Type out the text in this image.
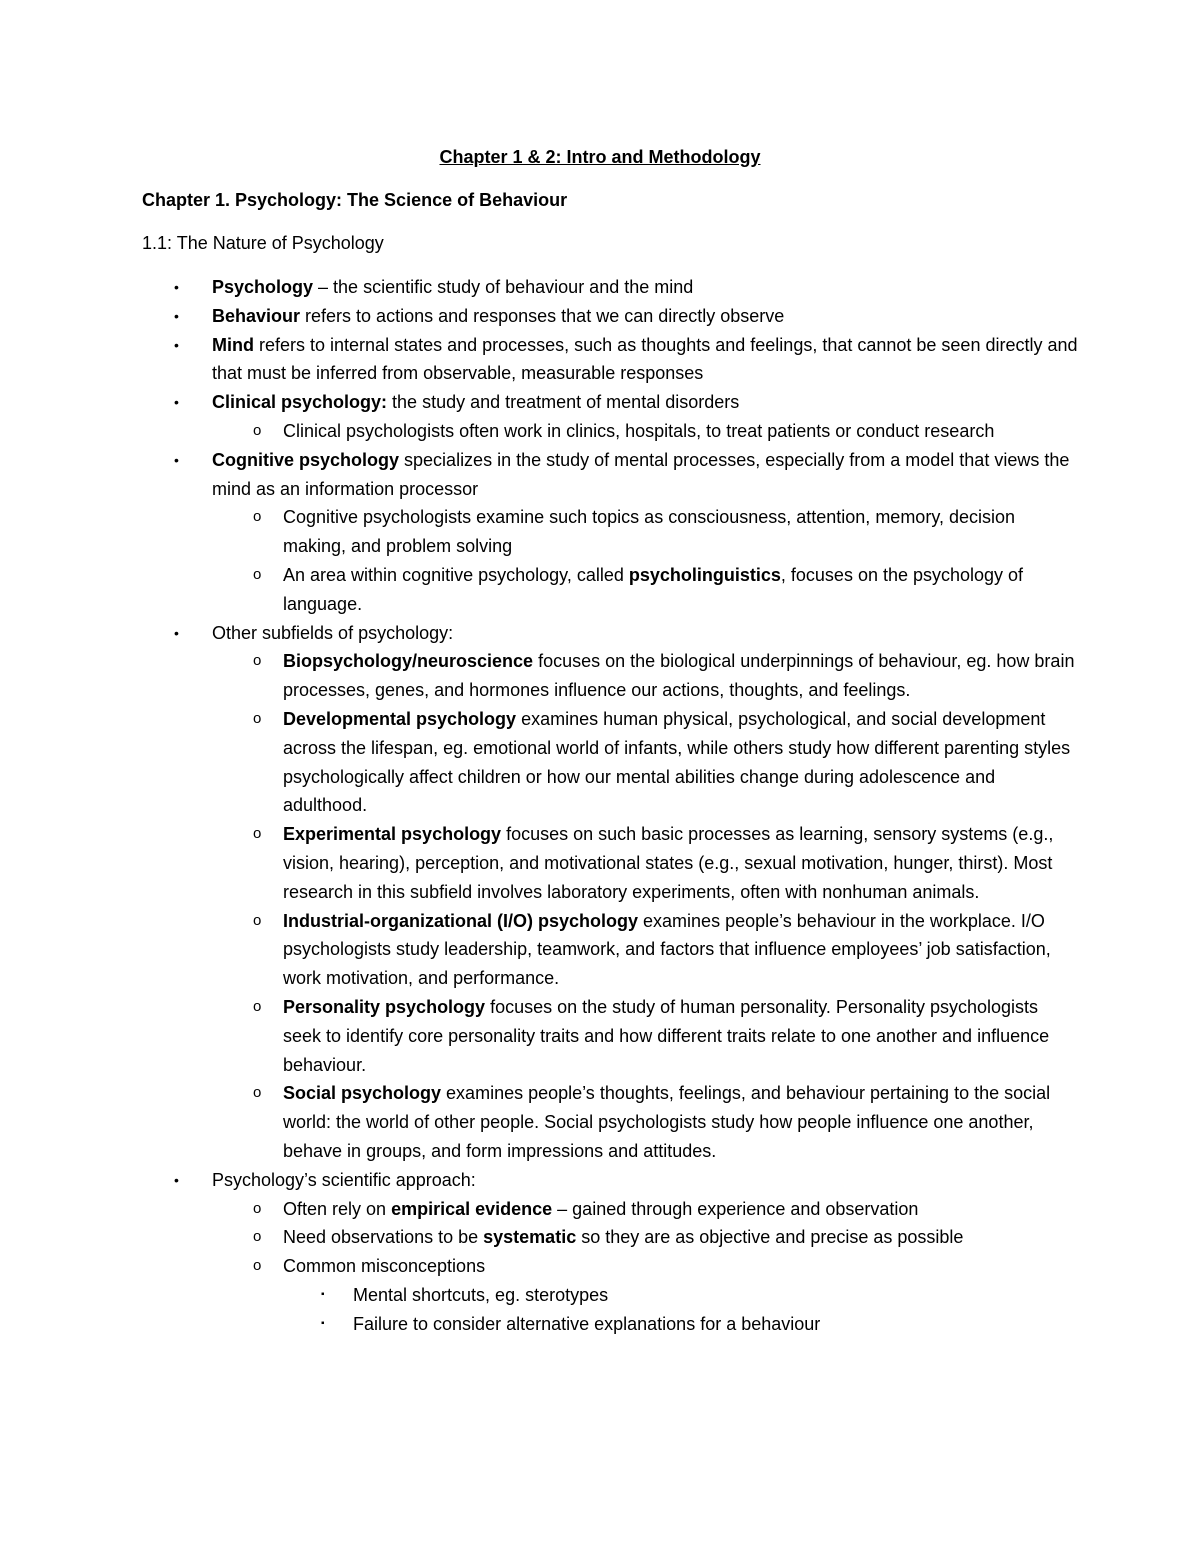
Chapter 1 & 2: Intro and Methodology
Chapter 1. Psychology: The Science of Behaviour
1.1: The Nature of Psychology
• Psychology – the scientific study of behaviour and the mind
• Behaviour refers to actions and responses that we can directly observe
• Mind refers to internal states and processes, such as thoughts and feelings, that cannot be seen directly and that must be inferred from observable, measurable responses
• Clinical psychology: the study and treatment of mental disorders
o Clinical psychologists often work in clinics, hospitals, to treat patients or conduct research
• Cognitive psychology specializes in the study of mental processes, especially from a model that views the mind as an information processor
o Cognitive psychologists examine such topics as consciousness, attention, memory, decision making, and problem solving
o An area within cognitive psychology, called psycholinguistics, focuses on the psychology of language.
• Other subfields of psychology:
o Biopsychology/neuroscience focuses on the biological underpinnings of behaviour, eg. how brain processes, genes, and hormones influence our actions, thoughts, and feelings.
o Developmental psychology examines human physical, psychological, and social development across the lifespan, eg. emotional world of infants, while others study how different parenting styles psychologically affect children or how our mental abilities change during adolescence and adulthood.
o Experimental psychology focuses on such basic processes as learning, sensory systems (e.g., vision, hearing), perception, and motivational states (e.g., sexual motivation, hunger, thirst). Most research in this subfield involves laboratory experiments, often with nonhuman animals.
o Industrial-organizational (I/O) psychology examines people’s behaviour in the workplace. I/O psychologists study leadership, teamwork, and factors that influence employees’ job satisfaction, work motivation, and performance.
o Personality psychology focuses on the study of human personality. Personality psychologists seek to identify core personality traits and how different traits relate to one another and influence behaviour.
o Social psychology examines people’s thoughts, feelings, and behaviour pertaining to the social world: the world of other people. Social psychologists study how people influence one another, behave in groups, and form impressions and attitudes.
• Psychology’s scientific approach:
o Often rely on empirical evidence – gained through experience and observation
o Need observations to be systematic so they are as objective and precise as possible
o Common misconceptions
▪ Mental shortcuts, eg. sterotypes
▪ Failure to consider alternative explanations for a behaviour
